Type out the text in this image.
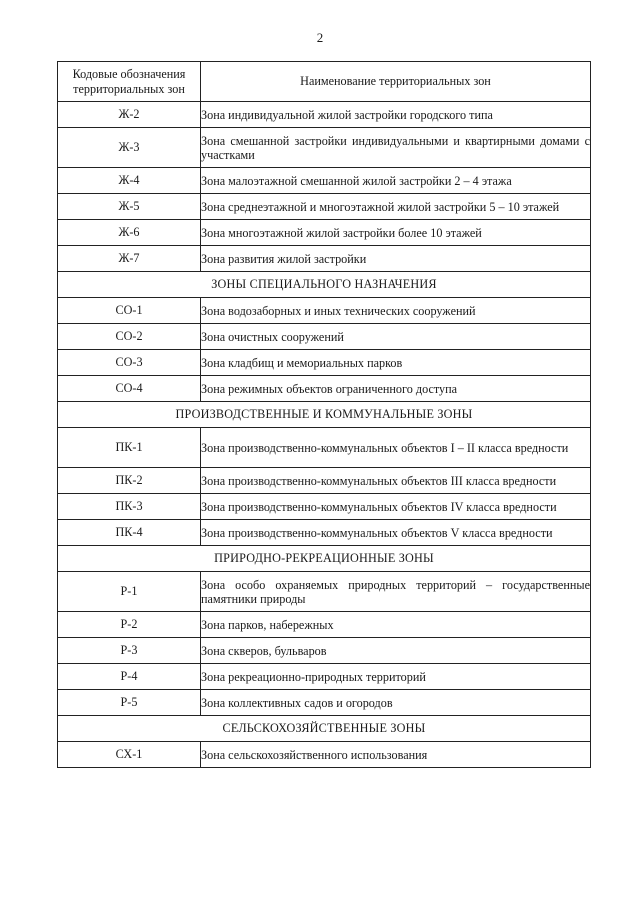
2
Кодовые обозначения территориальных зон	Наименование территориальных зон
Ж-2	Зона индивидуальной жилой застройки городского типа
Ж-3	Зона смешанной застройки индивидуальными и квартирными домами с участками
Ж-4	Зона малоэтажной смешанной жилой застройки 2 – 4 этажа
Ж-5	Зона среднеэтажной и многоэтажной жилой застройки 5 – 10 этажей
Ж-6	Зона многоэтажной жилой застройки более 10 этажей
Ж-7	Зона развития жилой застройки
ЗОНЫ СПЕЦИАЛЬНОГО НАЗНАЧЕНИЯ	
СО-1	Зона водозаборных и иных технических сооружений
СО-2	Зона очистных сооружений
СО-3	Зона кладбищ и мемориальных парков
СО-4	Зона режимных объектов ограниченного доступа
ПРОИЗВОДСТВЕННЫЕ И КОММУНАЛЬНЫЕ ЗОНЫ	
ПК-1	Зона производственно-коммунальных объектов I – II класса вредности
ПК-2	Зона производственно-коммунальных объектов III класса вредности
ПК-3	Зона производственно-коммунальных объектов IV класса вредности
ПК-4	Зона производственно-коммунальных объектов V класса вредности
ПРИРОДНО-РЕКРЕАЦИОННЫЕ ЗОНЫ	
Р-1	Зона особо охраняемых природных территорий – государственные памятники природы
Р-2	Зона парков, набережных
Р-3	Зона скверов, бульваров
Р-4	Зона рекреационно-природных территорий
Р-5	Зона коллективных садов и огородов
СЕЛЬСКОХОЗЯЙСТВЕННЫЕ ЗОНЫ	
СХ-1	Зона сельскохозяйственного использования
